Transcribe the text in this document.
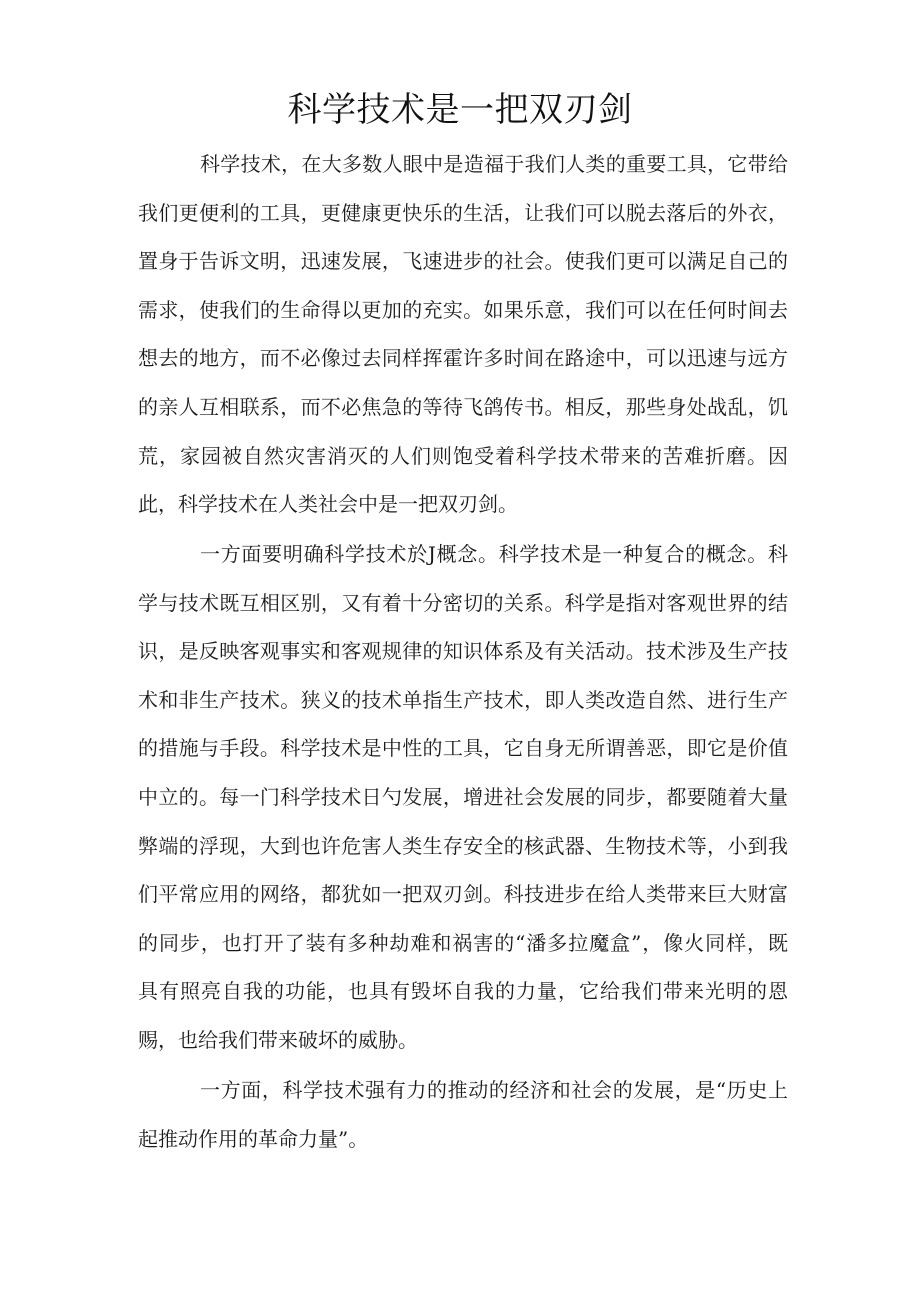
科学技术是一把双刃剑
科学技术，在大多数人眼中是造福于我们人类的重要工具，它带给
我们更便利的工具，更健康更快乐的生活，让我们可以脱去落后的外衣，
置身于告诉文明，迅速发展，飞速进步的社会。使我们更可以满足自己的
需求，使我们的生命得以更加的充实。如果乐意，我们可以在任何时间去
想去的地方，而不必像过去同样挥霍许多时间在路途中，可以迅速与远方
的亲人互相联系，而不必焦急的等待飞鸽传书。相反，那些身处战乱，饥
荒，家园被自然灾害消灭的人们则饱受着科学技术带来的苦难折磨。因
此，科学技术在人类社会中是一把双刃剑。
一方面要明确科学技术於J概念。科学技术是一种复合的概念。科
学与技术既互相区别，又有着十分密切的关系。科学是指对客观世界的结
识，是反映客观事实和客观规律的知识体系及有关活动。技术涉及生产技
术和非生产技术。狭义的技术单指生产技术，即人类改造自然、进行生产
的措施与手段。科学技术是中性的工具，它自身无所谓善恶，即它是价值
中立的。每一门科学技术日勺发展，增进社会发展的同步，都要随着大量
弊端的浮现，大到也许危害人类生存安全的核武器、生物技术等，小到我
们平常应用的网络，都犹如一把双刃剑。科技进步在给人类带来巨大财富
的同步，也打开了装有多种劫难和祸害的“潘多拉魔盒”，像火同样，既
具有照亮自我的功能，也具有毁坏自我的力量，它给我们带来光明的恩
赐，也给我们带来破坏的威胁。
一方面，科学技术强有力的推动的经济和社会的发展，是“历史上
起推动作用的革命力量”。
